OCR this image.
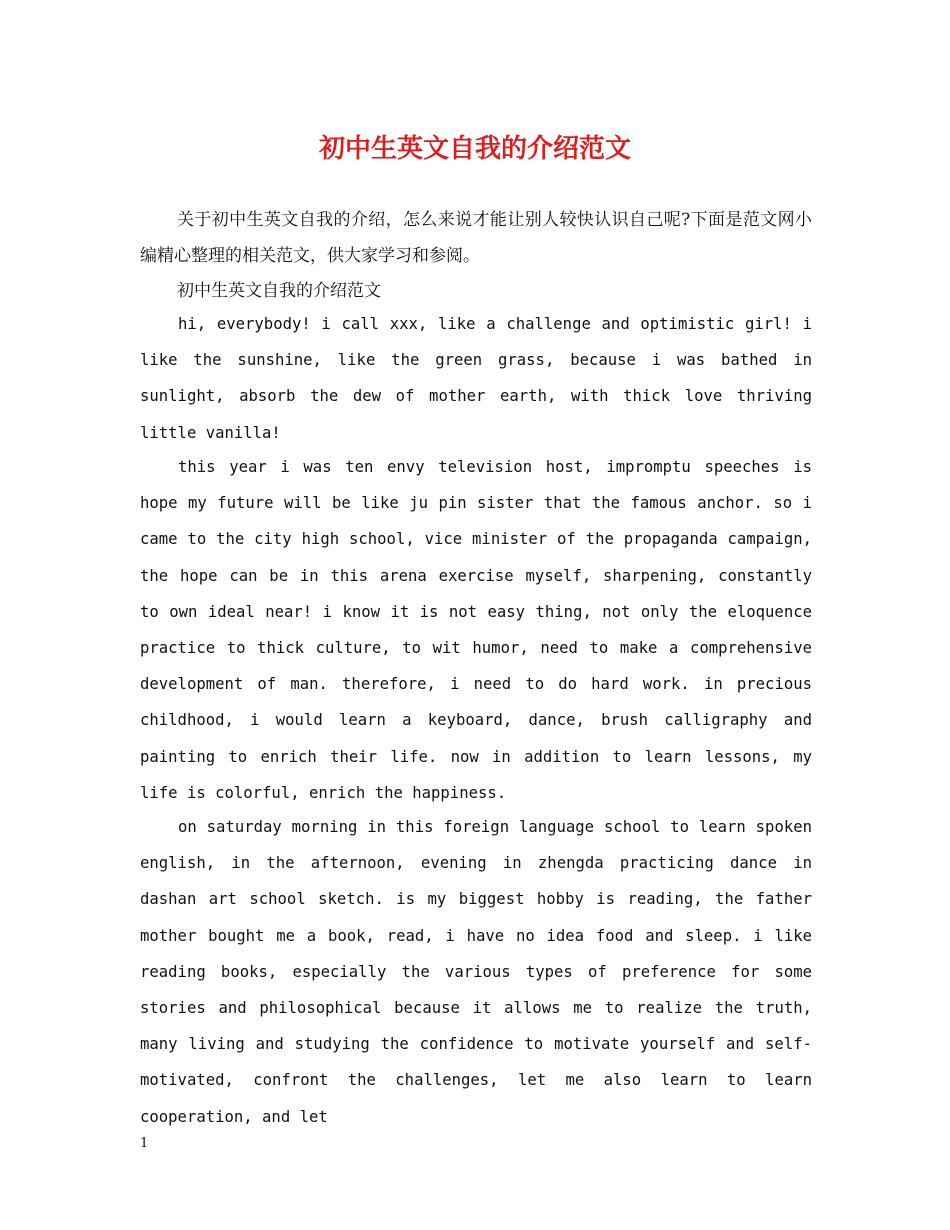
初中生英文自我的介绍范文

关于初中生英文自我的介绍，怎么来说才能让别人较快认识自己呢?下面是范文网小编精心整理的相关范文，供大家学习和参阅。

初中生英文自我的介绍范文

hi, everybody! i call xxx, like a challenge and optimistic girl! i like the sunshine, like the green grass, because i was bathed in sunlight, absorb the dew of mother earth, with thick love thriving little vanilla!

this year i was ten envy television host, impromptu speeches is hope my future will be like ju pin sister that the famous anchor. so i came to the city high school, vice minister of the propaganda campaign, the hope can be in this arena exercise myself, sharpening, constantly to own ideal near! i know it is not easy thing, not only the eloquence practice to thick culture, to wit humor, need to make a comprehensive development of man. therefore, i need to do hard work. in precious childhood, i would learn a keyboard, dance, brush calligraphy and painting to enrich their life. now in addition to learn lessons, my life is colorful, enrich the happiness.

on saturday morning in this foreign language school to learn spoken english, in the afternoon, evening in zhengda practicing dance in dashan art school sketch. is my biggest hobby is reading, the father mother bought me a book, read, i have no idea food and sleep. i like reading books, especially the various types of preference for some stories and philosophical because it allows me to realize the truth, many living and studying the confidence to motivate yourself and self-motivated, confront the challenges, let me also learn to learn cooperation, and let

1
